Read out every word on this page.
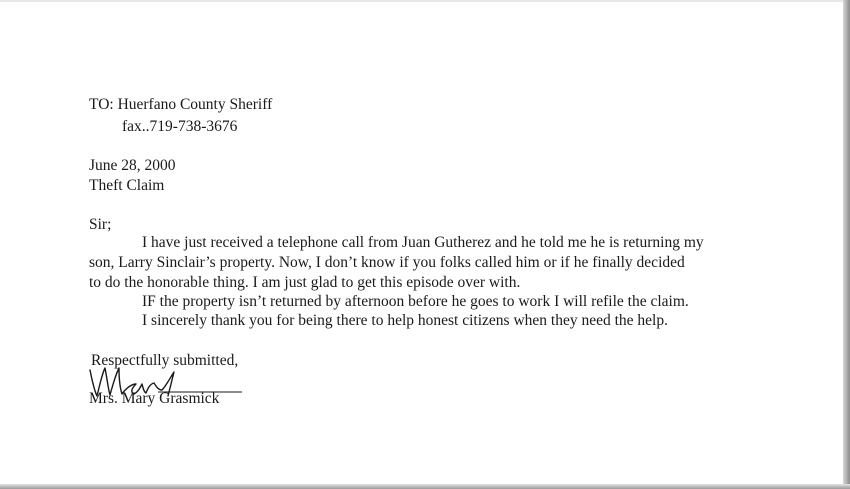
TO: Huerfano County Sheriff
fax..719-738-3676
June 28, 2000
Theft Claim
Sir;
I have just received a telephone call from Juan Gutherez and he told me he is returning my
son, Larry Sinclair’s property. Now, I don’t know if you folks called him or if he finally decided
to do the honorable thing. I am just glad to get this episode over with.
IF the property isn’t returned by afternoon before he goes to work I will refile the claim.
I sincerely thank you for being there to help honest citizens when they need the help.
Respectfully submitted,
Mrs. Mary Grasmick
